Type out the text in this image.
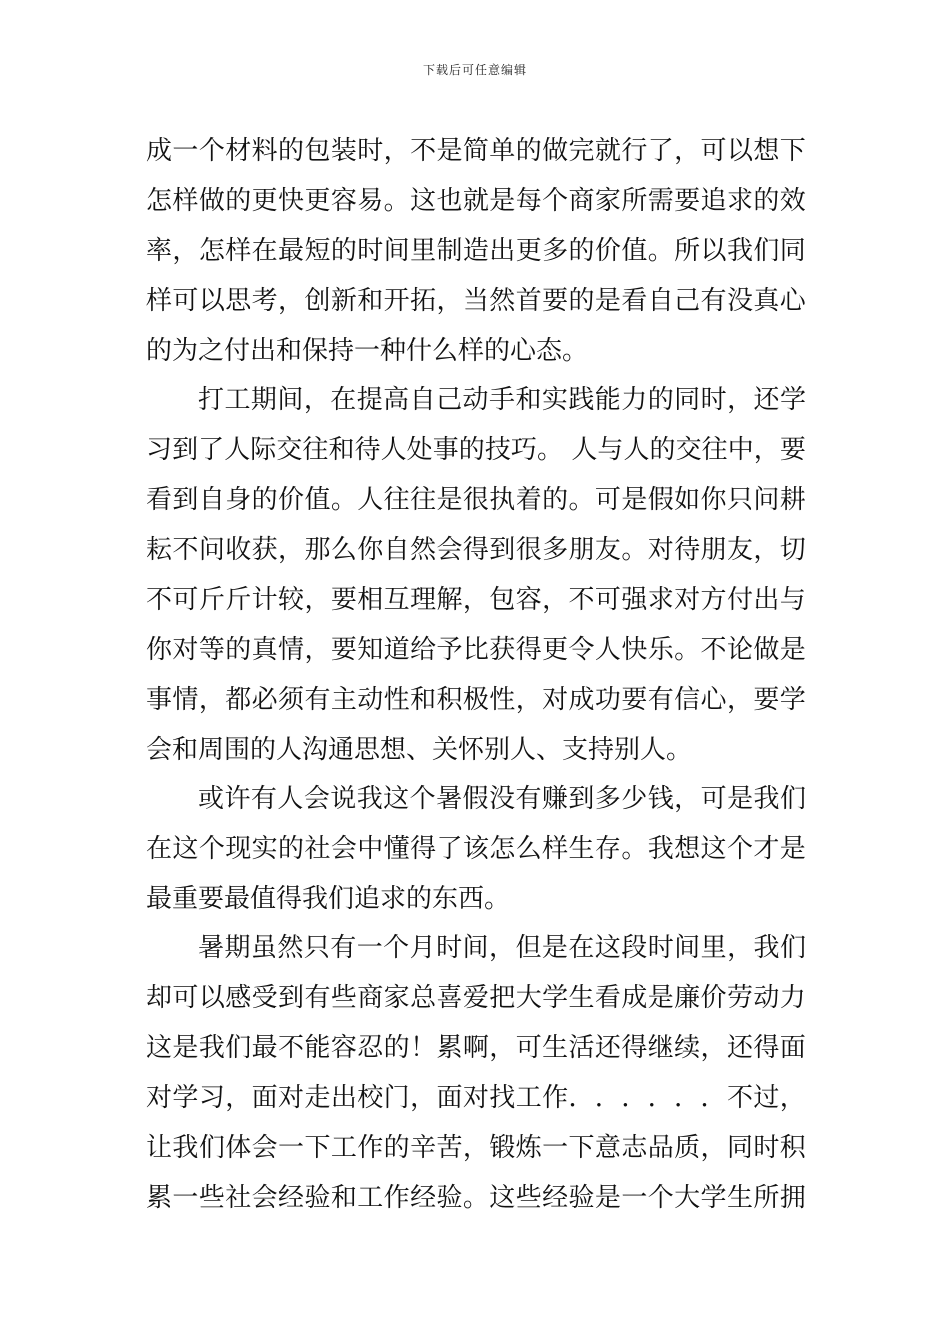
下载后可任意编辑
成 一 个 材 料 的 包 装 时 ， 不 是 简 单 的 做 完 就 行 了 ， 可 以 想 下
怎 样 做 的 更 快 更 容 易 。 这 也 就 是 每 个 商 家 所 需 要 追 求 的 效
率 ， 怎 样 在 最 短 的 时 间 里 制 造 出 更 多 的 价 值 。 所 以 我 们 同
样 可 以 思 考 ， 创 新 和 开 拓 ， 当 然 首 要 的 是 看 自 己 有 没 真 心
的为之付出和保持一种什么样的心态。
打 工 期 间 ， 在 提 高 自 己 动 手 和 实 践 能 力 的 同 时 ， 还 学
习 到 了 人 际 交 往 和 待 人 处 事 的 技 巧 。
人 与 人 的 交 往 中 ， 要
看 到 自 身 的 价 值 。 人 往 往 是 很 执 着 的 。 可 是 假 如 你 只 问 耕
耘 不 问 收 获 ， 那 么 你 自 然 会 得 到 很 多 朋 友 。 对 待 朋 友 ， 切
不 可 斤 斤 计 较 ， 要 相 互 理 解 ， 包 容 ， 不 可 强 求 对 方 付 出 与
你 对 等 的 真 情 ， 要 知 道 给 予 比 获 得 更 令 人 快 乐 。 不 论 做 是
事 情 ， 都 必 须 有 主 动 性 和 积 极 性 ， 对 成 功 要 有 信 心 ， 要 学
会和周围的人沟通思想、关怀别人、支持别人。
或 许 有 人 会 说 我 这 个 暑 假 没 有 赚 到 多 少 钱 ， 可 是 我 们
在 这 个 现 实 的 社 会 中 懂 得 了 该 怎 么 样 生 存 。 我 想 这 个 才 是
最重要最值得我们追求的东西。
暑 期 虽 然 只 有 一 个 月 时 间 ， 但 是 在 这 段 时 间 里 ， 我 们
却 可 以 感 受 到 有 些 商 家 总 喜 爱 把 大 学 生 看 成 是 廉 价 劳 动 力
这 是 我 们 最 不 能 容 忍 的 ！ 累 啊 ， 可 生 活 还 得 继 续 ， 还 得 面
对 学 习 ， 面 对 走 出 校 门 ， 面 对 找 工 作 ． ． ． ． ． ． 不 过 ，
让 我 们 体 会 一 下 工 作 的 辛 苦 ， 锻 炼 一 下 意 志 品 质 ， 同 时 积
累 一 些 社 会 经 验 和 工 作 经 验 。 这 些 经 验 是 一 个 大 学 生 所 拥
